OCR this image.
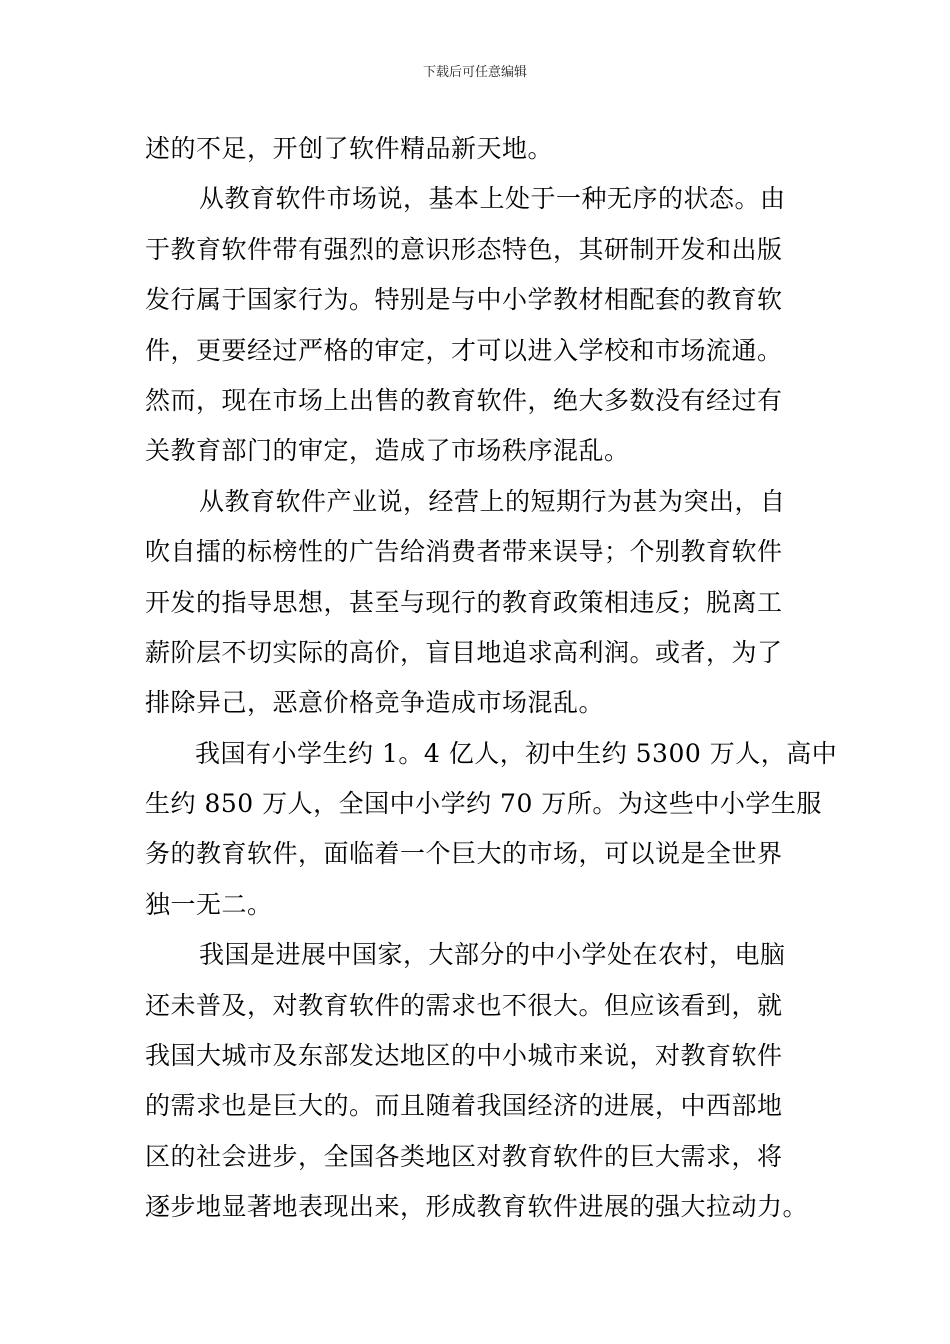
下载后可任意编辑
述的不足，开创了软件精品新天地。
从教育软件市场说，基本上处于一种无序的状态。由
于教育软件带有强烈的意识形态特色，其研制开发和出版
发行属于国家行为。特别是与中小学教材相配套的教育软
件，更要经过严格的审定，才可以进入学校和市场流通。
然而，现在市场上出售的教育软件，绝大多数没有经过有
关教育部门的审定，造成了市场秩序混乱。
从教育软件产业说，经营上的短期行为甚为突出，自
吹自擂的标榜性的广告给消费者带来误导；个别教育软件
开发的指导思想，甚至与现行的教育政策相违反；脱离工
薪阶层不切实际的高价，盲目地追求高利润。或者，为了
排除异己，恶意价格竞争造成市场混乱。
我国有小学生约 1。4 亿人，初中生约 5300 万人，高中
生约 850 万人，全国中小学约 70 万所。为这些中小学生服
务的教育软件，面临着一个巨大的市场，可以说是全世界
独一无二。
我国是进展中国家，大部分的中小学处在农村，电脑
还未普及，对教育软件的需求也不很大。但应该看到，就
我国大城市及东部发达地区的中小城市来说，对教育软件
的需求也是巨大的。而且随着我国经济的进展，中西部地
区的社会进步，全国各类地区对教育软件的巨大需求，将
逐步地显著地表现出来，形成教育软件进展的强大拉动力。
